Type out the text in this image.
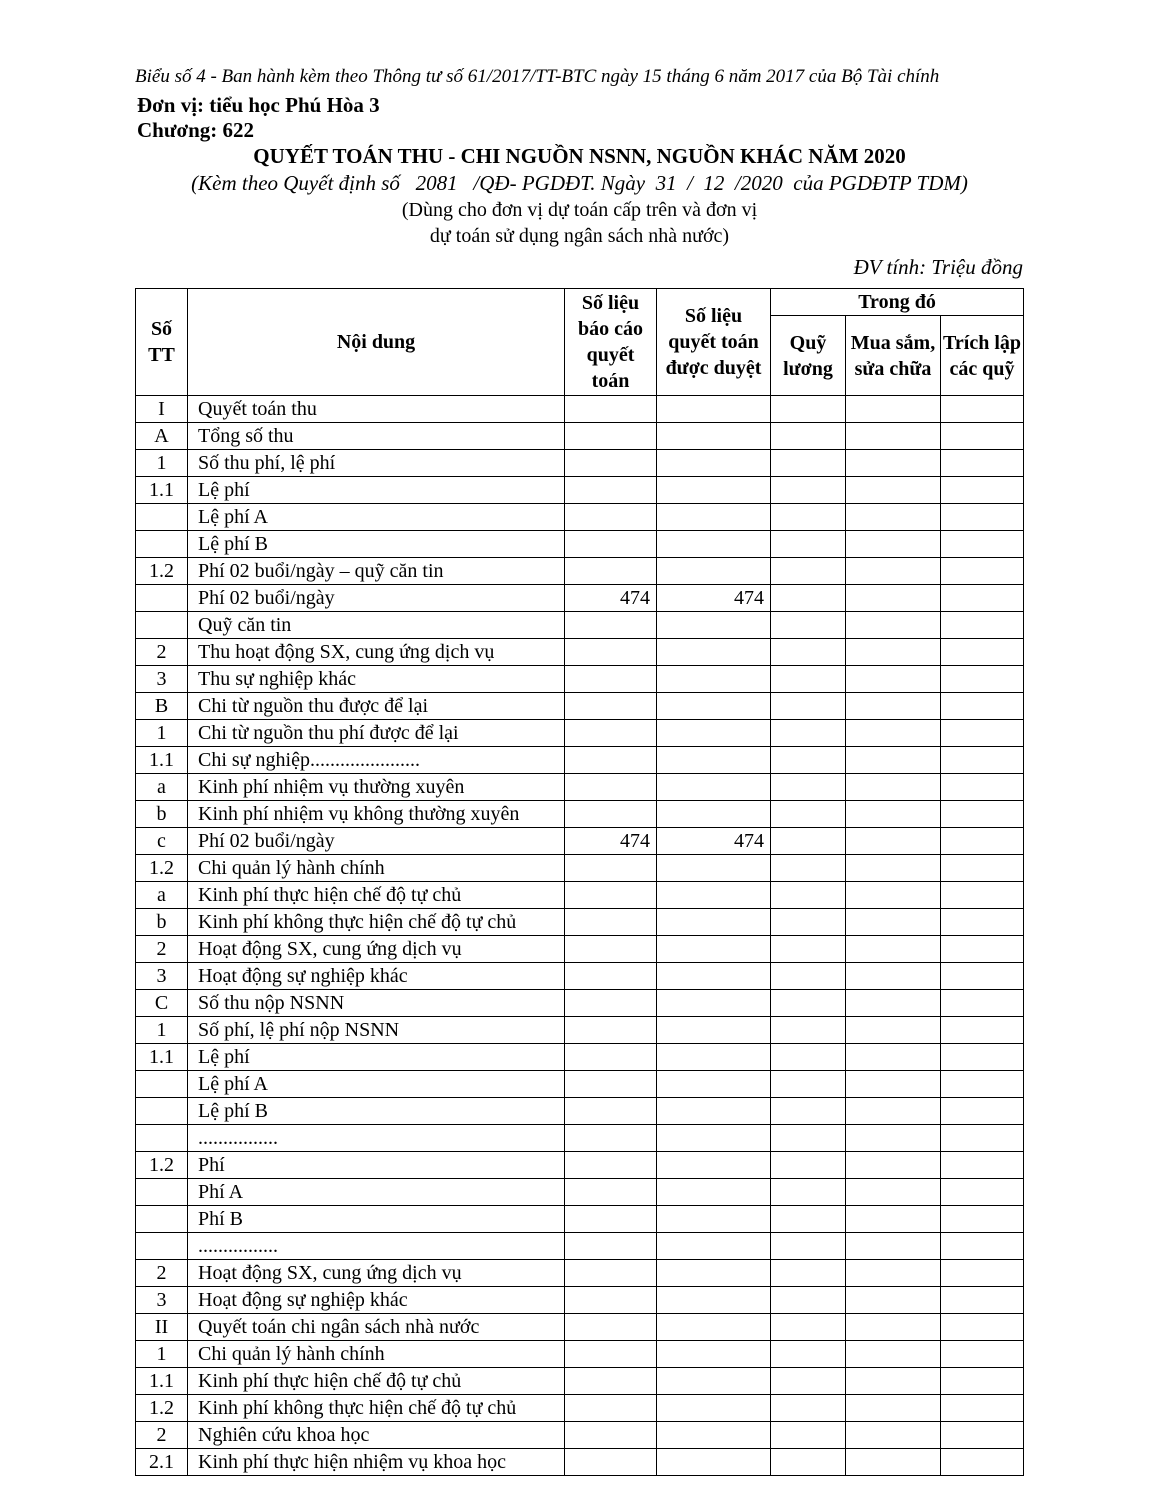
Biểu số 4 - Ban hành kèm theo Thông tư số 61/2017/TT-BTC ngày 15 tháng 6 năm 2017 của Bộ Tài chính
Đơn vị: tiểu học Phú Hòa 3
Chương: 622
QUYẾT TOÁN THU - CHI NGUỒN NSNN, NGUỒN KHÁC NĂM 2020
(Kèm theo Quyết định số   2081   /QĐ- PGDĐT. Ngày  31  /  12  /2020  của PGDĐTP TDM)
(Dùng cho đơn vị dự toán cấp trên và đơn vị
dự toán sử dụng ngân sách nhà nước)
ĐV tính: Triệu đồng
Số TT	Nội dung	Số liệu báo cáo quyết toán	Số liệu quyết toán được duyệt	Trong đó		
				Quỹ lương	Mua sắm, sửa chữa	Trích lập các quỹ
I	Quyết toán thu					
A	Tổng số thu					
1	Số thu phí, lệ phí					
1.1	Lệ phí					
	Lệ phí A					
	Lệ phí B					
1.2	Phí 02 buổi/ngày – quỹ căn tin					
	Phí 02 buổi/ngày	474	474			
	Quỹ căn tin					
2	Thu hoạt động SX, cung ứng dịch vụ					
3	Thu sự nghiệp khác					
B	Chi từ nguồn thu được để lại					
1	Chi từ nguồn thu phí được để lại					
1.1	Chi sự nghiệp......................					
a	Kinh phí nhiệm vụ thường xuyên					
b	Kinh phí nhiệm vụ không thường xuyên					
c	Phí 02 buổi/ngày	474	474			
1.2	Chi quản lý hành chính					
a	Kinh phí thực hiện chế độ tự chủ					
b	Kinh phí không thực hiện chế độ tự chủ					
2	Hoạt động SX, cung ứng dịch vụ					
3	Hoạt động sự nghiệp khác					
C	Số thu nộp NSNN					
1	Số phí, lệ phí nộp NSNN					
1.1	Lệ phí					
	Lệ phí A					
	Lệ phí B					
	................					
1.2	Phí					
	Phí A					
	Phí B					
	................					
2	Hoạt động SX, cung ứng dịch vụ					
3	Hoạt động sự nghiệp khác					
II	Quyết toán chi ngân sách nhà nước					
1	Chi quản lý hành chính					
1.1	Kinh phí thực hiện chế độ tự chủ					
1.2	Kinh phí không thực hiện chế độ tự chủ					
2	Nghiên cứu khoa học					
2.1	Kinh phí thực hiện nhiệm vụ khoa học					
